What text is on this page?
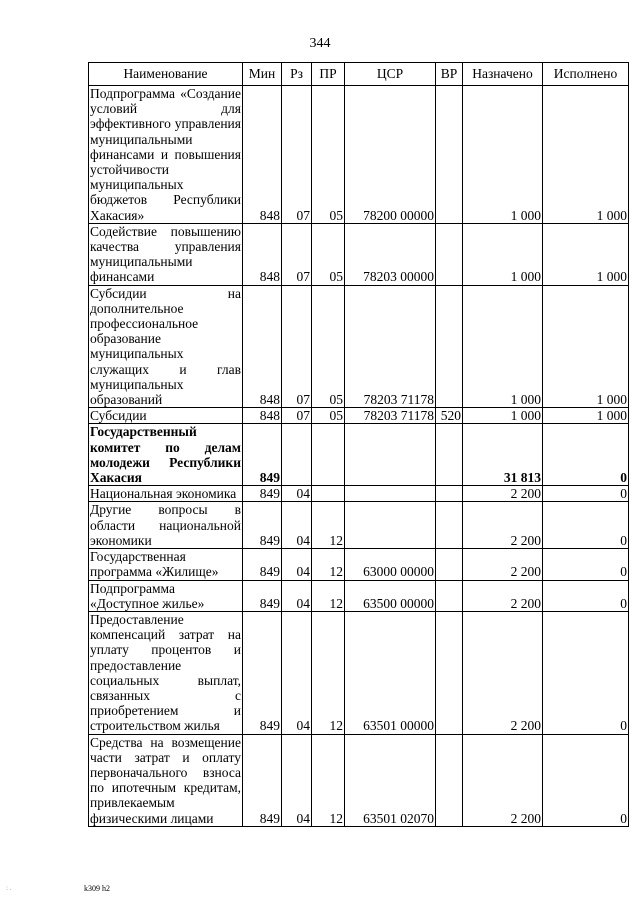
344
Наименование	Мин	Рз	ПР	ЦСР	ВР	Назначено	Исполнено
Подпрограмма «Создание условий для эффективного управления муниципальными финансами и повышения устойчивости муниципальных бюджетов Республики Хакасия»	848	07	05	78200 00000		1 000	1 000
Содействие повышению качества управления муниципальными финансами	848	07	05	78203 00000		1 000	1 000
Субсидии на дополнительное профессиональное образование муниципальных служащих и глав муниципальных образований	848	07	05	78203 71178		1 000	1 000
Субсидии	848	07	05	78203 71178	520	1 000	1 000
Государственный комитет по делам молодежи Республики Хакасия	849					31 813	0
Национальная экономика	849	04				2 200	0
Другие вопросы в области национальной экономики	849	04	12			2 200	0
Государственная программа «Жилище»	849	04	12	63000 00000		2 200	0
Подпрограмма «Доступное жилье»	849	04	12	63500 00000		2 200	0
Предоставление компенсаций затрат на уплату процентов и предоставление социальных выплат, связанных с приобретением и строительством жилья	849	04	12	63501 00000		2 200	0
Средства на возмещение части затрат и оплату первоначального взноса по ипотечным кредитам, привлекаемым физическими лицами	849	04	12	63501 02070		2 200	0
: .	k309 h2
